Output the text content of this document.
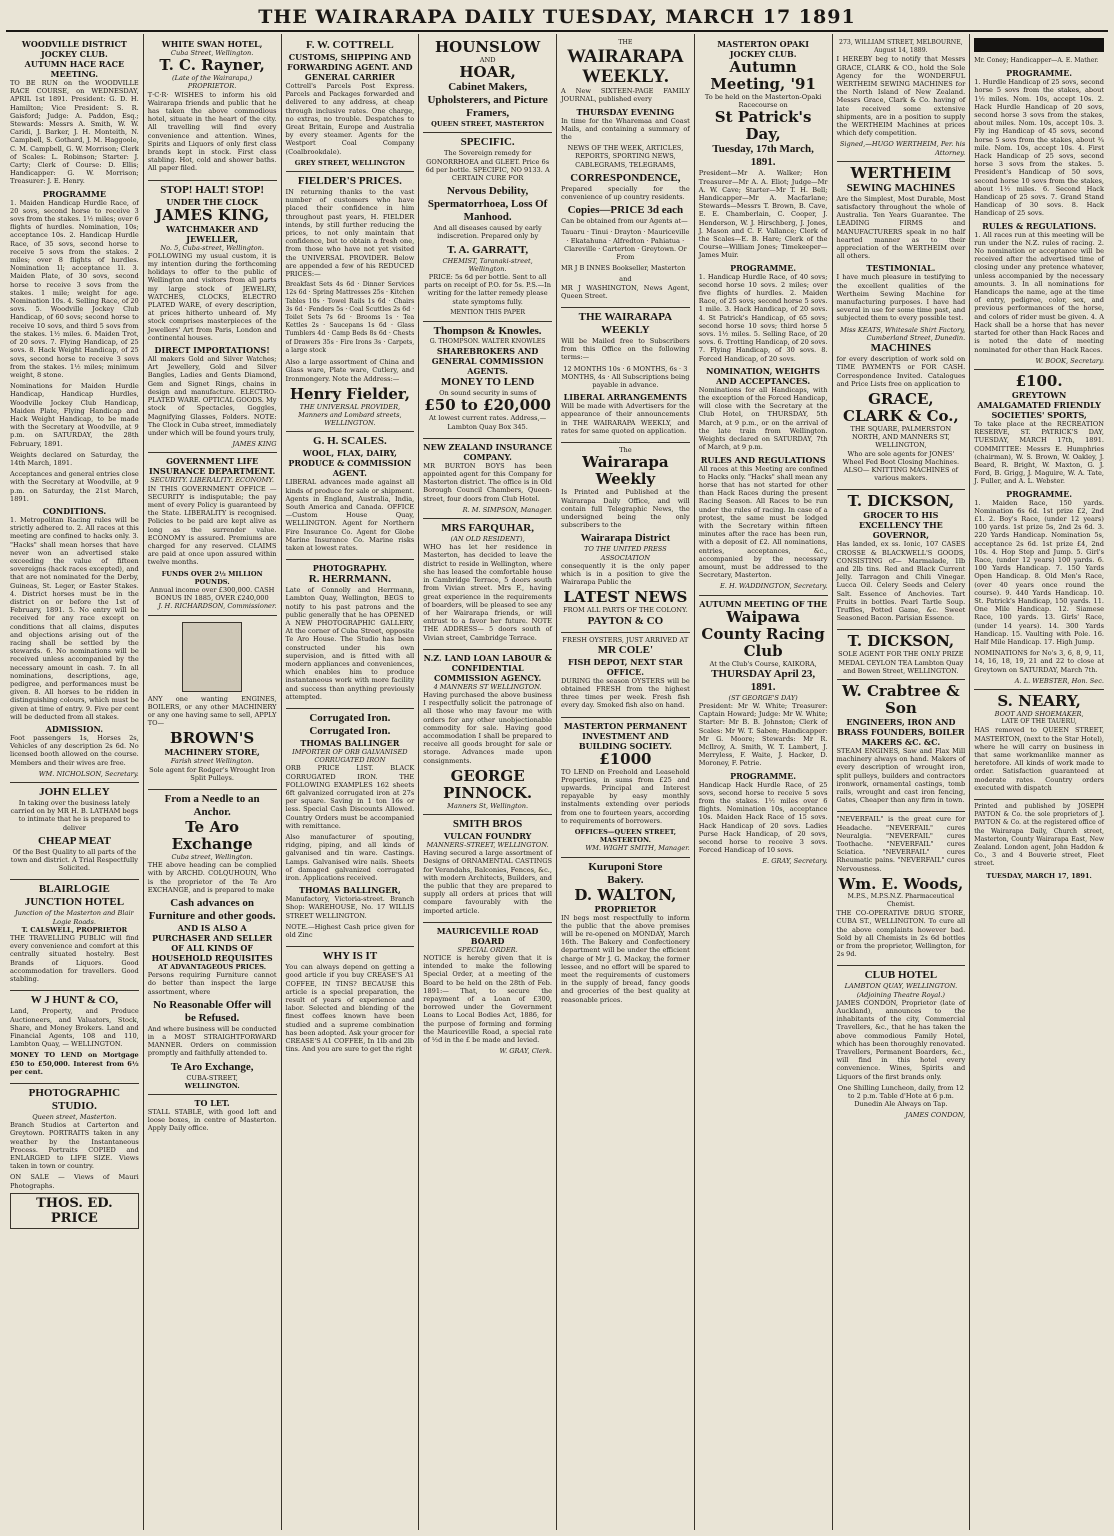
THE WAIRARAPA DAILY TUESDAY, MARCH 17 1891
WOODVILLE DISTRICT JOCKEY CLUB.
AUTUMN HACE RACE MEETING.

TO BE RUN on the WOODVILLE RACE COURSE, on WEDNESDAY, APRIL 1st 1891. President: G. D. H. Hamilton; Vice President: S. R. Gaisford; Judge: A. Paddon, Esq.; Stewards: Messrs A. Smith, W. W. Caridi, J. Barker, J. H. Monteith, N. Campbell, S. Gothard, J. M. Haggoole, C. M. Campbell, G. W. Morrison; Clerk of Scales: L. Robinson; Starter: J. Carty; Clerk of Course: D. Ellis; Handicapper: G. W. Morrison; Treasurer: J. E. Henry.

PROGRAMME

1. Maiden Handicap Hurdle Race, of 20 sovs, second horse to receive 3 sovs from the stakes. 1½ miles; over 6 flights of hurdles. Nomination, 10s; acceptance 10s. 2. Handicap Hurdle Race, of 35 sovs, second horse to receive 5 sovs from the stakes. 2 miles; over 8 flights of hurdles. Nomination 1l; acceptance 1l. 3. Maiden Plate, of 30 sovs, second horse to receive 3 sovs from the stakes. 1 mile; weight for age. Nomination 10s. 4. Selling Race, of 20 sovs. 5. Woodville Jockey Club Handicap, of 60 sovs; second horse to receive 10 sovs, and third 5 sovs from the stakes. 1½ miles. 6. Maiden Trot, of 20 sovs. 7. Flying Handicap, of 25 sovs. 8. Hack Weight Handicap, of 25 sovs, second horse to receive 3 sovs from the stakes. 1½ miles; minimum weight, 8 stone.

Nominations for Maiden Hurdle Handicap, Handicap Hurdles, Woodville Jockey Club Handicap, Maiden Plate, Flying Handicap and Hack Weight Handicap, to be made with the Secretary at Woodville, at 9 p.m. on SATURDAY, the 28th February, 1891.

Weights declared on Saturday, the 14th March, 1891.

Acceptances and general entries close with the Secretary at Woodville, at 9 p.m. on Saturday, the 21st March, 1891.

CONDITIONS.

1. Metropolitan Racing rules will be strictly adhered to. 2. All races at this meeting are confined to hacks only. 3. "Hacks" shall mean horses that have never won an advertised stake exceeding the value of fifteen sovereigns (hack races excepted), and that are not nominated for the Derby, Guineas, St. Leger, or Easter Stakes. 4. District horses must be in the district on or before the 1st of February, 1891. 5. No entry will be received for any race except on conditions that all claims, disputes and objections arising out of the racing shall be settled by the stewards. 6. No nominations will be received unless accompanied by the necessary amount in cash. 7. In all nominations, descriptions, age, pedigree, and performances must be given. 8. All horses to be ridden in distinguishing colours, which must be given at time of entry. 9. Five per cent will be deducted from all stakes.

ADMISSION.

Foot passengers 1s, Horses 2s, Vehicles of any description 2s 6d. No licensed booth allowed on the course. Members and their wives are free.

WM. NICHOLSON, Secretary.
JOHN ELLEY

In taking over the business lately carried on by MR H. B. LATHAM begs to intimate that he is prepared to deliver

CHEAP MEAT

Of the Best Quality to all parts of the town and district. A Trial Respectfully Solicited.

BLAIRLOGIE JUNCTION HOTEL
Junction of the Masterton and Blair Logie Roads.
T. CALSWELL, PROPRIETOR

THE TRAVELLING PUBLIC will find every convenience and comfort at this centrally situated hostelry. Best Brands of Liquors. Good accommodation for travellers. Good stabling.

W J HUNT & CO,

Land, Property, and Produce Auctioneers, and Valuators, Stock, Share, and Money Brokers. Land and Financial Agents, 108 and 110, Lambton Quay, — WELLINGTON.

MONEY TO LEND on Mortgage £50 to £50,000. Interest from 6½ per cent.

PHOTOGRAPHIC STUDIO.
Queen street, Masterton.

Branch Studios at Carterton and Greytown. PORTRAITS taken in any weather by the Instantaneous Process. Portraits COPIED and ENLARGED to LIFE SIZE. Views taken in town or country.

ON SALE — Views of Mauri Photographs.

THOS. ED. PRICE
WHITE SWAN HOTEL,
Cuba Street, Wellington.
T. C. Rayner,
(Late of the Wairarapa,) PROPRIETOR.

T·C·R· WISHES to inform his old Wairarapa friends and public that he has taken the above commodious hotel, situate in the heart of the city. All travelling will find every convenience and attention. Wines, Spirits and Liquors of only first class brands kept in stock. First class stabling. Hot, cold and shower baths. All paper filed.

STOP! HALT! STOP!
UNDER THE CLOCK
JAMES KING,
WATCHMAKER AND JEWELLER,
No. 5, Cuba-street, Wellington.

FOLLOWING my usual custom, it is my intention during the forthcoming holidays to offer to the public of Wellington and visitors from all parts my large stock of JEWELRY, WATCHES, CLOCKS, ELECTRO PLATED WARE, of every description, at prices hitherto unheard of. My stock comprises masterpieces of the Jewellers' Art from Paris, London and continental houses.

DIRECT IMPORTATIONS!

All makers Gold and Silver Watches; Art Jewellery, Gold and Silver Bangles, Ladies and Gents Diamond, Gem and Signet Rings, chains in design and manufacture. ELECTRO-PLATED WARE. OPTICAL GOODS. My stock of Spectacles, Goggles, Magnifying Glasses, Folders. NOTE: The Clock in Cuba street, immediately under which will be found yours truly,

JAMES KING
GOVERNMENT LIFE INSURANCE DEPARTMENT.
SECURITY. LIBERALITY. ECONOMY.

IN THIS GOVERNMENT OFFICE — SECURITY is indisputable; the pay ment of every Policy is guaranteed by the State. LIBERALITY is recognised. Policies to be paid are kept alive as long as the surrender value. ECONOMY is assured. Premiums are charged for any reserved. CLAIMS are paid at once upon assured within twelve months.

FUNDS OVER 2½ MILLION POUNDS.
Annual income over £300,000. CASH BONUS IN 1885, OVER £240,000
J. H. RICHARDSON, Commissioner.

ANY one wanting ENGINES, BOILERS, or any other MACHINERY or any one having same to sell, APPLY TO—

BROWN'S
MACHINERY STORE,
Farish street Wellington.

Sole agent for Rodger's Wrought Iron Split Pulleys.

From a Needle to an Anchor.
Te Aro Exchange
Cuba street, Wellington.

THE above heading can be complied with by ARCHD. COLQUHOUN, Who is the proprietor of the Te Aro EXCHANGE, and is prepared to make

Cash advances on Furniture and other goods.
AND IS ALSO A PURCHASER AND SELLER OF ALL KINDS OF HOUSEHOLD REQUISITES
AT ADVANTAGEOUS PRICES.

Persons requiring Furniture cannot do better than inspect the large assortment, where

No Reasonable Offer will be Refused.

And where business will be conducted in a MOST STRAIGHTFORWARD MANNER. Orders on commission promptly and faithfully attended to.

Te Aro Exchange,
CUBA-STREET,
WELLINGTON.
TO LET.

STALL STABLE, with good loft and loose boxes, in centre of Masterton. Apply Daily office.

F. W. COTTRELL
CUSTOMS, SHIPPING AND FORWARDING AGENT. AND GENERAL CARRIER

Cottrell's Parcels Post Express. Parcels and Packages forwarded and delivered to any address, at cheap through inclusive rates. One charge, no extras, no trouble. Despatches to Great Britain, Europe and Australia by every steamer. Agents for the Westport Coal Company (Coalbrookdale).

GREY STREET, WELLINGTON
FIELDER'S PRICES.

IN returning thanks to the vast number of customers who have placed their confidence in him throughout past years, H. FIELDER intends, by still further reducing the prices, to not only maintain that confidence, but to obtain a fresh one, from those who have not yet visited the UNIVERSAL PROVIDER. Below are appended a few of his REDUCED PRICES:—

Breakfast Sets 4s 6d · Dinner Services 12s 6d · Spring Mattresses 25s · Kitchen Tables 10s · Towel Rails 1s 6d · Chairs 3s 6d · Fenders 5s · Coal Scuttles 2s 6d · Toilet Sets 7s 6d · Brooms 1s · Tea Kettles 2s · Saucepans 1s 6d · Glass Tumblers 4d · Camp Beds 8s 6d · Chests of Drawers 35s · Fire Irons 3s · Carpets, a large stock

Also a large assortment of China and Glass ware, Plate ware, Cutlery, and Ironmongery. Note the Address:—

Henry Fielder,
THE UNIVERSAL PROVIDER, Manners and Lombard streets, WELLINGTON.
G. H. SCALES.
WOOL, FLAX, DAIRY, PRODUCE & COMMISSION AGENT.

LIBERAL advances made against all kinds of produce for sale or shipment. Agents in England, Australia, India, South America and Canada. OFFICE—Custom House Quay, WELLINGTON. Agent for Northern Fire Insurance Co. Agent for Globe Marine Insurance Co. Marine risks taken at lowest rates.

PHOTOGRAPHY.
R. HERRMANN.

Late of Connolly and Herrmann, Lambton Quay, Wellington, BEGS to notify to his past patrons and the public generally that he has OPENED A NEW PHOTOGRAPHIC GALLERY, At the corner of Cuba Street, opposite Te Aro House. The Studio has been constructed under his own supervision, and is fitted with all modern appliances and conveniences, which enables him to produce instantaneous work with more facility and success than anything previously attempted.

Corrugated Iron.
Corrugated Iron.
THOMAS BALLINGER
IMPORTER OF ORB GALVANISED CORRUGATED IRON

ORB PRICE LIST. BLACK CORRUGATED IRON. THE FOLLOWING EXAMPLES 162 sheets 6ft galvanized corrugated iron at 27s per square. Saving in 1 ton 16s or less. Special Cash Discounts Allowed. Country Orders must be accompanied with remittance.

Also manufacturer of spouting, ridging, piping, and all kinds of galvanised and tin ware. Castings. Lamps. Galvanised wire nails. Sheets of damaged galvanized corrugated iron. Applications received.

THOMAS BALLINGER,

Manufactory, Victoria-street. Branch Shop: WAREHOUSE, No. 17 WILLIS STREET WELLINGTON.

NOTE.—Highest Cash price given for old Zinc

WHY IS IT

You can always depend on getting a good article if you buy CREASE'S A1 COFFEE, IN TINS? BECAUSE this article is a special preparation, the result of years of experience and labor. Selected and blending of the finest coffees known have been studied and a supreme combination has been adopted. Ask your grocer for CREASE'S A1 COFFEE, In 1lb and 2lb tins. And you are sure to get the right

HOUNSLOW
AND
HOAR,
Cabinet Makers, Upholsterers, and Picture Framers,
QUEEN STREET, MASTERTON
SPECIFIC.

The Sovereign remedy for GONORRHOEA and GLEET. Price 6s 6d per bottle. SPECIFIC, NO 9133. A CERTAIN CURE FOR

Nervous Debility, Spermatorrhoea, Loss Of Manhood.

And all diseases caused by early indiscretion. Prepared only by

T. A. GARRATT,
CHEMIST, Taranaki-street, Wellington.

PRICE: 5s 6d per bottle. Sent to all parts on receipt of P.O. for 5s. P.S.—In writing for the latter remedy please state symptoms fully.

MENTION THIS PAPER
Thompson & Knowles.
G. THOMPSON. WALTER KNOWLES
SHAREBROKERS AND GENERAL COMMISSION AGENTS.
MONEY TO LEND
On sound security in sums of
£50 to £20,000

At lowest current rates. Address,— Lambton Quay Box 345.

NEW ZEALAND INSURANCE COMPANY.

MR BURTON BOYS has been appointed agent for this Company for Masterton district. The office is in Old Borough Council Chambers, Queen-street, four doors from Club Hotel.

R. M. SIMPSON, Manager.
MRS FARQUHAR,
(AN OLD RESIDENT),

WHO has let her residence in Masterton, has decided to leave the district to reside in Wellington, where she has leased the comfortable house in Cambridge Terrace, 5 doors south from Vivian street. Mrs F., having great experience in the requirements of boarders, will be pleased to see any of her Wairarapa friends, or will entrust to a favor her future. NOTE THE ADDRESS— 5 doors south of Vivian street, Cambridge Terrace.

N.Z. LAND LOAN LABOUR & CONFIDENTIAL COMMISSION AGENCY.
4 MANNERS ST WELLINGTON.

Having purchased the above business I respectfully solicit the patronage of all those who may favour me with orders for any other unobjectionable commodity for sale. Having good accommodation I shall be prepared to receive all goods brought for sale or storage. Advances made upon consignments.

GEORGE PINNOCK.
Manners St, Wellington.
SMITH BROS
VULCAN FOUNDRY
MANNERS-STREET, WELLINGTON.

Having secured a large assortment of Designs of ORNAMENTAL CASTINGS for Verandahs, Balconies, Fences, &c., with modern Architects, Builders, and the public that they are prepared to supply all orders at prices that will compare favourably with the imported article.

MAURICEVILLE ROAD BOARD
SPECIAL ORDER.

NOTICE is hereby given that it is intended to make the following Special Order, at a meeting of the Board to be held on the 28th of Feb. 1891:— That, to secure the repayment of a Loan of £300, borrowed under the Government Loans to Local Bodies Act, 1886, for the purpose of forming and forming the Mauriceville Road, a special rate of ½d in the £ be made and levied.

W. GRAY, Clerk.
THE
WAIRARAPA WEEKLY.

A New SIXTEEN-PAGE FAMILY JOURNAL, published every

THURSDAY EVENING

In time for the Wharemaa and Coast Mails, and containing a summary of the

NEWS OF THE WEEK, ARTICLES, REPORTS, SPORTING NEWS, CABLEGRAMS, TELEGRAMS,

CORRESPONDENCE,

Prepared specially for the convenience of up country residents.

Copies—PRICE 3d each

Can be obtained from our Agents at—

Tauaru · Tinui · Drayton · Mauriceville · Ekatahuna · Alfredton · Pahiatua · Clareville · Carterton · Greytown. Or From

MR J B INNES Bookseller, Masterton

and

MR J WASHINGTON, News Agent, Queen Street.

THE WAIRARAPA WEEKLY

Will be Mailed free to Subscribers from this Office on the following terms:—

12 MONTHS 10s · 6 MONTHS, 6s · 3 MONTHS, 4s · All Subscriptions being payable in advance.

LIBERAL ARRANGEMENTS

Will be made with Advertisers for the appearance of their announcements in THE WAIRARAPA WEEKLY, and rates for same quoted on application.

The
Wairarapa Weekly

Is Printed and Published at the Wairarapa Daily Office, and will contain full Telegraphic News, the undersigned being the only subscribers to the

Wairarapa District
TO THE UNITED PRESS ASSOCIATION

consequently it is the only paper which is in a position to give the Wairarapa Public the

LATEST NEWS
FROM ALL PARTS OF THE COLONY.
PAYTON & CO
FRESH OYSTERS, JUST ARRIVED AT
MR COLE'
FISH DEPOT, NEXT STAR OFFICE.

DURING the season OYSTERS will be obtained FRESH from the highest three times per week. Fresh fish every day. Smoked fish also on hand.

MASTERTON PERMANENT INVESTMENT AND BUILDING SOCIETY.
£1000

TO LEND on Freehold and Leasehold Properties, in sums from £25 and upwards. Principal and Interest repayable by easy monthly instalments extending over periods from one to fourteen years, according to requirements of borrowers.

OFFICES—QUEEN STREET, MASTERTON.
WM. WIGHT SMITH, Manager.
Kuruponi Store
Bakery.
D. WALTON,
PROPRIETOR

IN begs most respectfully to inform the public that the above premises will be re-opened on MONDAY, March 16th. The Bakery and Confectionery department will be under the efficient charge of Mr J. G. Mackay, the former lessee, and no effort will be spared to meet the requirements of customers in the supply of bread, fancy goods and groceries of the best quality at reasonable prices.

MASTERTON OPAKI JOCKEY CLUB.
Autumn Meeting, '91
To be held on the Masterton-Opaki Racecourse on
St Patrick's Day,
Tuesday, 17th March, 1891.

President—Mr A. Walker; Hon Treasurer—Mr A. A. Eliot; Judge—Mr A. W. Cave; Starter—Mr T. H. Bell; Handicapper—Mr A. Macfarlane; Stewards—Messrs T. Brown, B. Cave, E. E. Chamberlain, C. Cooper, J. Henderson, W. J. Hirschberg, J. Jones, J. Mason and C. F. Vallance; Clerk of the Scales—E. B. Hare; Clerk of the Course—William Jones; Timekeeper—James Muir.

PROGRAMME.

1. Handicap Hurdle Race, of 40 sovs; second horse 10 sovs. 2 miles; over five flights of hurdles. 2. Maiden Race, of 25 sovs; second horse 5 sovs. 1 mile. 3. Hack Handicap, of 20 sovs. 4. St Patrick's Handicap, of 65 sovs; second horse 10 sovs; third horse 5 sovs. 1½ miles. 5. Selling Race, of 20 sovs. 6. Trotting Handicap, of 20 sovs. 7. Flying Handicap, of 30 sovs. 8. Forced Handicap, of 20 sovs.

NOMINATION, WEIGHTS AND ACCEPTANCES.

Nominations for all Handicaps, with the exception of the Forced Handicap, will close with the Secretary at the Club Hotel, on THURSDAY, 5th March, at 9 p.m., or on the arrival of the late train from Wellington. Weights declared on SATURDAY, 7th of March, at 9 p.m.

RULES AND REGULATIONS

All races at this Meeting are confined to Hacks only. "Hacks" shall mean any horse that has not started for other than Hack Races during the present Racing Season. All Races to be run under the rules of racing. In case of a protest, the same must be lodged with the Secretary within fifteen minutes after the race has been run, with a deposit of £2. All nominations, entries, acceptances, &c., accompanied by the necessary amount, must be addressed to the Secretary, Masterton.

E. H. WADDINGTON, Secretary.
AUTUMN MEETING OF THE
Waipawa County Racing Club
At the Club's Course, KAIKORA,
THURSDAY April 23, 1891.
(ST GEORGE'S DAY)

President: Mr W. White; Treasurer: Captain Howard; Judge: Mr W. White; Starter: Mr B. B. Johnston; Clerk of Scales: Mr W. T. Saben; Handicapper: Mr G. Moore; Stewards: Mr R. McIlroy, A. Smith, W. T. Lambert, J. Merryless, F. Waite, J. Hacker, D. Moroney, F. Petrie.

PROGRAMME.

Handicap Hack Hurdle Race, of 25 sovs, second horse to receive 5 sovs from the stakes. 1½ miles over 6 flights. Nomination 10s, acceptance 10s. Maiden Hack Race of 15 sovs. Hack Handicap of 20 sovs. Ladies Purse Hack Handicap, of 20 sovs, second horse to receive 3 sovs. Forced Handicap of 10 sovs.

E. GRAY, Secretary.
273, WILLIAM STREET, MELBOURNE, August 14, 1889.

I HEREBY beg to notify that Messrs GRACE, CLARK & CO., hold the Sole Agency for the WONDERFUL WERTHEIM SEWING MACHINES for the North Island of New Zealand. Messrs Grace, Clark & Co. having of late received some extensive shipments, are in a position to supply the WERTHEIM Machines at prices which defy competition.

Signed,—HUGO WERTHEIM, Per. his Attorney.
WERTHEIM
SEWING MACHINES

Are the Simplest, Most Durable, Most satisfactory throughout the whole of Australia. Ten Years Guarantee. The LEADING FIRMS and MANUFACTURERS speak in no half hearted manner as to their appreciation of the WERTHEIM over all others.

TESTIMONIAL.

I have much pleasure in testifying to the excellent qualities of the Wertheim Sewing Machine for manufacturing purposes. I have had several in use for some time past, and subjected them to every possible test.

Miss KEATS, Whitesale Shirt Factory, Cumberland Street, Dunedin.
MACHINES

for every description of work sold on TIME PAYMENTS or FOR CASH. Correspondence Invited. Catalogues and Price Lists free on application to

GRACE, CLARK & Co.,
THE SQUARE, PALMERSTON NORTH, AND MANNERS ST, WELLINGTON,

Who are sole agents for JONES' Wheel Fed Boot Closing Machines. ALSO— KNITTING MACHINES of various makers.

T. DICKSON,
GROCER TO HIS EXCELLENCY THE GOVERNOR,

Has landed, ex ss. Ionic, 107 CASES CROSSE & BLACKWELL'S GOODS, CONSISTING of— Marmalade, 1lb and 2lb tins. Red and Black Current Jelly. Tarragon and Chili Vinegar. Lucca Oil. Celery Seeds and Celery Salt. Essence of Anchovies. Tart Fruits in bottles. Pearl Tartle Soup. Truffles, Potted Game, &c. Sweet Seasoned Bacon. Parisian Essence.

T. DICKSON,
SOLE AGENT FOR THE ONLY PRIZE MEDAL CEYLON TEA Lambton Quay and Bowen Street, WELLINGTON.
W. Crabtree & Son
ENGINEERS, IRON AND BRASS FOUNDERS, BOILER MAKERS &C. &C.

STEAM ENGINES, Saw and Flax Mill machinery always on hand. Makers of every description of wrought iron, split pulleys, builders and contractors ironwork, ornamental castings, tomb rails, wrought and cast iron fencing, Gates, Cheaper than any firm in town.

"NEVERFAIL" is the great cure for Headache. "NEVERFAIL" cures Neuralgia. "NEVERFAIL" cures Toothache. "NEVERFAIL" cures Sciatica. "NEVERFAIL" cures Rheumatic pains. "NEVERFAIL" cures Nervousness.

Wm. E. Woods,
M.P.S., M.P.S.N.Z. Pharmaceutical Chemist.

THE CO-OPERATIVE DRUG STORE, CUBA ST., WELLINGTON. To cure all the above complaints however bad. Sold by all Chemists in 2s 6d bottles or from the proprietor, Wellington, for 2s 9d.

CLUB HOTEL
LAMBTON QUAY, WELLINGTON.
(Adjoining Theatre Royal.)

JAMES CONDON, Proprietor (late of Auckland), announces to the inhabitants of the city, Commercial Travellers, &c., that he has taken the above commodious Family Hotel, which has been thoroughly renovated. Travellers, Permanent Boarders, &c., will find in this hotel every convenience. Wines, Spirits and Liquors of the first brands only.

One Shilling Luncheon, daily, from 12 to 2 p.m. Table d'Hote at 6 p.m. Dunedin Ale Always on Tap.

JAMES CONDON,

Mr. Coney; Handicapper—A. E. Mather.

PROGRAMME.

1. Hurdle Handicap of 25 sovs, second horse 5 sovs from the stakes, about 1½ miles. Nom. 10s, accept 10s. 2. Hack Hurdle Handicap of 20 sovs, second horse 3 sovs from the stakes, about miles. Nom. 10s, accept 10s. 3. Fly ing Handicap of 45 sovs, second horse 5 sovs from the stakes, about ¾ mile. Nom. 10s, accept 10s. 4. First Hack Handicap of 25 sovs, second horse 3 sovs from the stakes. 5. President's Handicap of 50 sovs, second horse 10 sovs from the stakes, about 1½ miles. 6. Second Hack Handicap of 25 sovs. 7. Grand Stand Handicap of 30 sovs. 8. Hack Handicap of 25 sovs.

RULES & REGULATIONS.

1. All races run at this meeting will be run under the N.Z. rules of racing. 2. No nomination or acceptance will be received after the advertised time of closing under any pretence whatever, unless accompanied by the necessary amounts. 3. In all nominations for Handicaps the name, age at the time of entry, pedigree, color, sex, and previous performances of the horse, and colors of rider must be given. 4. A Hack shall be a horse that has never started for other than Hack Races and is noted the date of meeting nominated for other than Hack Races.

W. BOOK, Secretary.
£100.
GREYTOWN AMALGAMATED FRIENDLY SOCIETIES' SPORTS,

To take place at the RECREATION RESERVE, ST. PATRICK'S DAY, TUESDAY, MARCH 17th, 1891. COMMITTEE: Messrs E. Humphries (chairman), W. S. Brown, W. Oakley, J. Beard, R. Bright, W. Maxton, G. J. Ford, B. Grigg, J. Maguire, W. A. Tate, J. Fuller, and A. L. Webster.

PROGRAMME.

1. Maiden Race, 150 yards. Nomination 6s 6d. 1st prize £2, 2nd £1. 2. Boy's Race, (under 12 years) 100 yards. 1st prize 5s, 2nd 2s 6d. 3. 220 Yards Handicap. Nomination 5s, acceptance 2s 6d. 1st prize £4, 2nd 10s. 4. Hop Step and Jump. 5. Girl's Race, (under 12 years) 100 yards. 6. 100 Yards Handicap. 7. 150 Yards Open Handicap. 8. Old Men's Race, (over 40 years once round the course). 9. 440 Yards Handicap. 10. St. Patrick's Handicap, 150 yards. 11. One Mile Handicap. 12. Siamese Race, 100 yards. 13. Girls' Race, (under 14 years). 14. 300 Yards Handicap. 15. Vaulting with Pole. 16. Half Mile Handicap. 17. High Jump.

NOMINATIONS for No's 3, 6, 8, 9, 11, 14, 16, 18, 19, 21 and 22 to close at Greytown on SATURDAY, March 7th.

A. L. WEBSTER, Hon. Sec.
S. NEARY,
BOOT AND SHOEMAKER,
LATE OF THE TAUERU,

HAS removed to QUEEN STREET, MASTERTON, (next to the Star Hotel), where he will carry on business in that same workmanlike manner as heretofore. All kinds of work made to order. Satisfaction guaranteed at moderate rates. Country orders executed with dispatch

Printed and published by JOSEPH PAYTON & Co. the sole proprietors of J. PAYTON & Co. at the registered office of the Wairarapa Daily, Church street, Masterton, County Wairarapa East, New Zealand. London agent, John Haddon & Co., 3 and 4 Bouverie street, Fleet street.

TUESDAY, MARCH 17, 1891.
